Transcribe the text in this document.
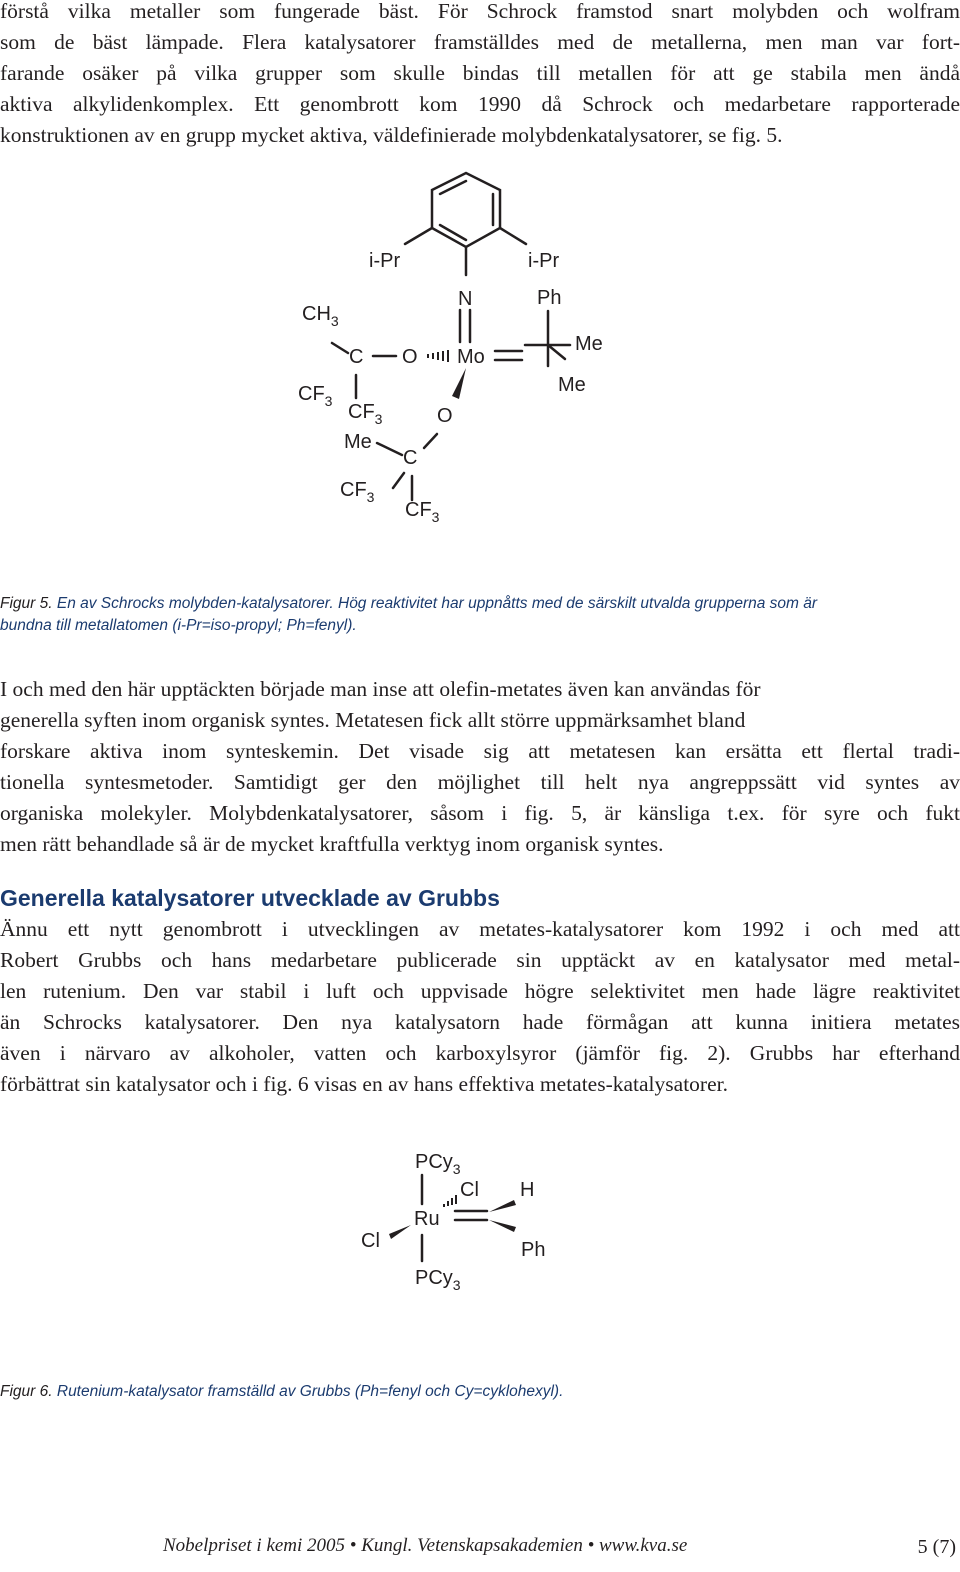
förstå vilka metaller som fungerade bäst. För Schrock framstod snart molybden och wolfram
som de bäst lämpade. Flera katalysatorer framställdes med de metallerna, men man var fort-
farande osäker på vilka grupper som skulle bindas till metallen för att ge stabila men ändå
aktiva alkylidenkomplex. Ett genombrott kom 1990 då Schrock och medarbetare rapporterade
konstruktionen av en grupp mycket aktiva, väldefinierade molybdenkatalysatorer, se fig. 5.
i-Pr	i-Pr
N	Ph
$CH_3$
C O Mo
Me
Me
$CF_3$ $CF_3$	O
Me
C
$CF_3$
$CF_3$
Figur 5. En av Schrocks molybden-katalysatorer. Hög reaktivitet har uppnåtts med de särskilt utvalda grupperna som är
bundna till metallatomen (i-Pr=iso-propyl; Ph=fenyl).
I och med den här upptäckten började man inse att olefin-metates även kan användas för
generella syften inom organisk syntes. Metatesen fick allt större uppmärksamhet bland
forskare aktiva inom synteskemin. Det visade sig att metatesen kan ersätta ett flertal tradi-
tionella syntesmetoder. Samtidigt ger den möjlighet till helt nya angreppssätt vid syntes av
organiska molekyler. Molybdenkatalysatorer, såsom i fig. 5, är känsliga t.ex. för syre och fukt
men rätt behandlade så är de mycket kraftfulla verktyg inom organisk syntes.
Generella katalysatorer utvecklade av Grubbs
Ännu ett nytt genombrott i utvecklingen av metates-katalysatorer kom 1992 i och med att
Robert Grubbs och hans medarbetare publicerade sin upptäckt av en katalysator med metal-
len rutenium. Den var stabil i luft och uppvisade högre selektivitet men hade lägre reaktivitet
än Schrocks katalysatorer. Den nya katalysatorn hade förmågan att kunna initiera metates
även i närvaro av alkoholer, vatten och karboxylsyror (jämför fig. 2). Grubbs har efterhand
förbättrat sin katalysator och i fig. 6 visas en av hans effektiva metates-katalysatorer.
PCy$_3$
Cl H
Ru
Cl	Ph
PCy$_3$
Figur 6. Rutenium-katalysator framställd av Grubbs (Ph=fenyl och Cy=cyklohexyl).
Nobelpriset i kemi 2005 • Kungl. Vetenskapsakademien • www.kva.se	5 (7)
